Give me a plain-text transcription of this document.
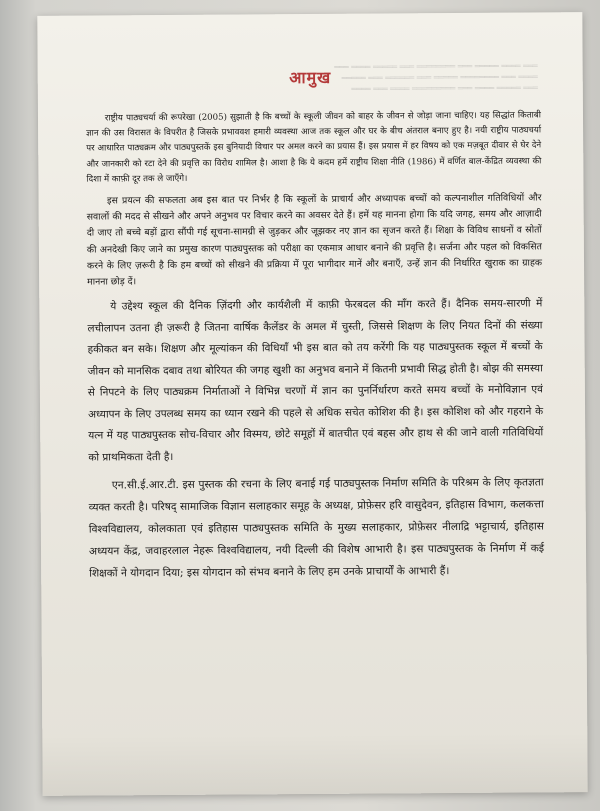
═══ ════ ═════ ═══ ════════ ═══ ═════ ════ ═══
════ ═══ ════════ ═════ ═══ ══════ ═══ ═════
═══ ═════ ════ ═══ ═════════ ════ ═══ ════
आमुख

राष्ट्रीय पाठ्यचर्या की रूपरेखा (2005) सुझाती है कि बच्चों के स्कूली जीवन को बाहर के जीवन से जोड़ा जाना चाहिए। यह सिद्धांत किताबी ज्ञान की उस विरासत के विपरीत है जिसके प्रभाववश हमारी व्यवस्था आज तक स्कूल और घर के बीच अंतराल बनाए हुए है। नयी राष्ट्रीय पाठ्यचर्या पर आधारित पाठ्यक्रम और पाठ्यपुस्तकें इस बुनियादी विचार पर अमल करने का प्रयास हैं। इस प्रयास में हर विषय को एक मज़बूत दीवार से घेर देने और जानकारी को रटा देने की प्रवृत्ति का विरोध शामिल है। आशा है कि ये कदम हमें राष्ट्रीय शिक्षा नीति (1986) में वर्णित बाल-केंद्रित व्यवस्था की दिशा में काफ़ी दूर तक ले जाएँगे।

इस प्रयत्न की सफलता अब इस बात पर निर्भर है कि स्कूलों के प्राचार्य और अध्यापक बच्चों को कल्पनाशील गतिविधियों और सवालों की मदद से सीखने और अपने अनुभव पर विचार करने का अवसर देते हैं। हमें यह मानना होगा कि यदि जगह, समय और आज़ादी दी जाए तो बच्चे बड़ों द्वारा सौंपी गई सूचना-सामग्री से जुड़कर और जूझकर नए ज्ञान का सृजन करते हैं। शिक्षा के विविध साधनों व स्रोतों की अनदेखी किए जाने का प्रमुख कारण पाठ्यपुस्तक को परीक्षा का एकमात्र आधार बनाने की प्रवृत्ति है। सर्जना और पहल को विकसित करने के लिए ज़रूरी है कि हम बच्चों को सीखने की प्रक्रिया में पूरा भागीदार मानें और बनाएँ, उन्हें ज्ञान की निर्धारित खुराक का ग्राहक मानना छोड़ दें।

ये उद्देश्य स्कूल की दैनिक ज़िंदगी और कार्यशैली में काफ़ी फेरबदल की माँग करते हैं। दैनिक समय-सारणी में लचीलापन उतना ही ज़रूरी है जितना वार्षिक कैलेंडर के अमल में चुस्ती, जिससे शिक्षण के लिए नियत दिनों की संख्या हकीकत बन सके। शिक्षण और मूल्यांकन की विधियाँ भी इस बात को तय करेंगी कि यह पाठ्यपुस्तक स्कूल में बच्चों के जीवन को मानसिक दबाव तथा बोरियत की जगह खुशी का अनुभव बनाने में कितनी प्रभावी सिद्ध होती है। बोझ की समस्या से निपटने के लिए पाठ्यक्रम निर्माताओं ने विभिन्न चरणों में ज्ञान का पुनर्निर्धारण करते समय बच्चों के मनोविज्ञान एवं अध्यापन के लिए उपलब्ध समय का ध्यान रखने की पहले से अधिक सचेत कोशिश की है। इस कोशिश को और गहराने के यत्न में यह पाठ्यपुस्तक सोच-विचार और विस्मय, छोटे समूहों में बातचीत एवं बहस और हाथ से की जाने वाली गतिविधियों को प्राथमिकता देती है।

एन.सी.ई.आर.टी. इस पुस्तक की रचना के लिए बनाई गई पाठ्यपुस्तक निर्माण समिति के परिश्रम के लिए कृतज्ञता व्यक्त करती है। परिषद् सामाजिक विज्ञान सलाहकार समूह के अध्यक्ष, प्रोफ़ेसर हरि वासुदेवन, इतिहास विभाग, कलकत्ता विश्वविद्यालय, कोलकाता एवं इतिहास पाठ्यपुस्तक समिति के मुख्य सलाहकार, प्रोफ़ेसर नीलाद्रि भट्टाचार्य, इतिहास अध्ययन केंद्र, जवाहरलाल नेहरू विश्वविद्यालय, नयी दिल्ली की विशेष आभारी है। इस पाठ्यपुस्तक के निर्माण में कई शिक्षकों ने योगदान दिया; इस योगदान को संभव बनाने के लिए हम उनके प्राचार्यों के आभारी हैं।
